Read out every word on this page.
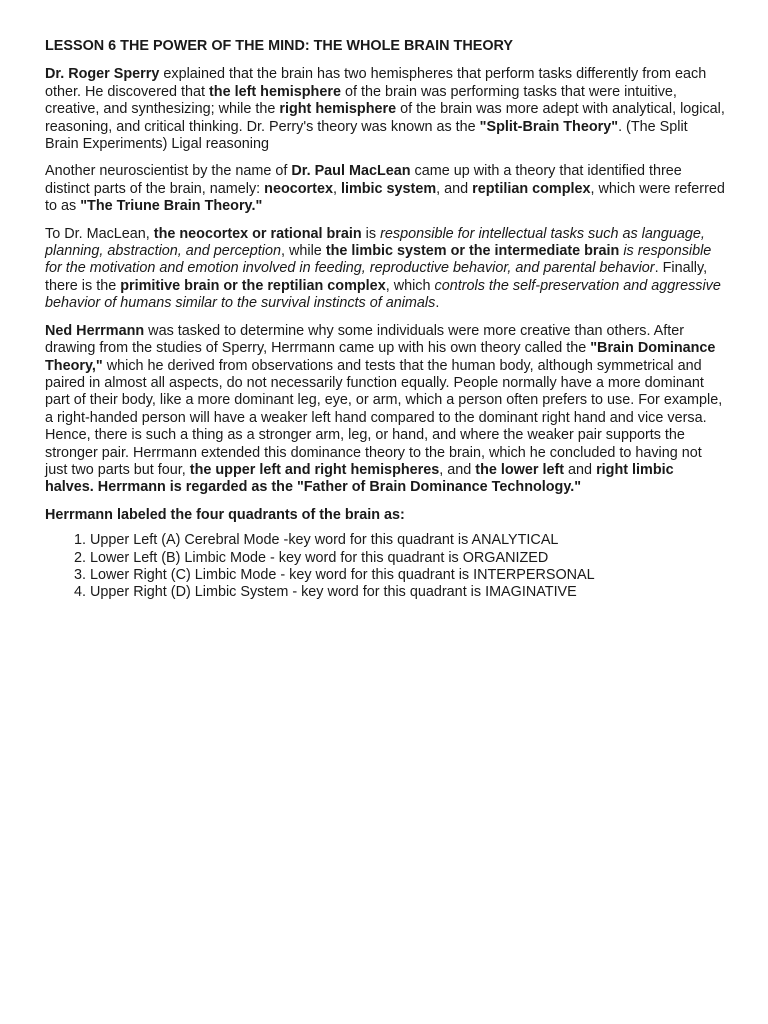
LESSON 6 THE POWER OF THE MIND: THE WHOLE BRAIN THEORY

Dr. Roger Sperry explained that the brain has two hemispheres that perform tasks differently from each other. He discovered that the left hemisphere of the brain was performing tasks that were intuitive, creative, and synthesizing; while the right hemisphere of the brain was more adept with analytical, logical, reasoning, and critical thinking. Dr. Perry's theory was known as the "Split-Brain Theory". (The Split Brain Experiments) Ligal reasoning

Another neuroscientist by the name of Dr. Paul MacLean came up with a theory that identified three distinct parts of the brain, namely: neocortex, limbic system, and reptilian complex, which were referred to as "The Triune Brain Theory."

To Dr. MacLean, the neocortex or rational brain is responsible for intellectual tasks such as language, planning, abstraction, and perception, while the limbic system or the intermediate brain is responsible for the motivation and emotion involved in feeding, reproductive behavior, and parental behavior. Finally, there is the primitive brain or the reptilian complex, which controls the self-preservation and aggressive behavior of humans similar to the survival instincts of animals.

Ned Herrmann was tasked to determine why some individuals were more creative than others. After drawing from the studies of Sperry, Herrmann came up with his own theory called the "Brain Dominance Theory," which he derived from observations and tests that the human body, although symmetrical and paired in almost all aspects, do not necessarily function equally. People normally have a more dominant part of their body, like a more dominant leg, eye, or arm, which a person often prefers to use. For example, a right-handed person will have a weaker left hand compared to the dominant right hand and vice versa. Hence, there is such a thing as a stronger arm, leg, or hand, and where the weaker pair supports the stronger pair. Herrmann extended this dominance theory to the brain, which he concluded to having not just two parts but four, the upper left and right hemispheres, and the lower left and right limbic halves. Herrmann is regarded as the "Father of Brain Dominance Technology."

Herrmann labeled the four quadrants of the brain as:

1. Upper Left (A) Cerebral Mode -key word for this quadrant is ANALYTICAL
2. Lower Left (B) Limbic Mode - key word for this quadrant is ORGANIZED
3. Lower Right (C) Limbic Mode - key word for this quadrant is INTERPERSONAL
4. Upper Right (D) Limbic System - key word for this quadrant is IMAGINATIVE
